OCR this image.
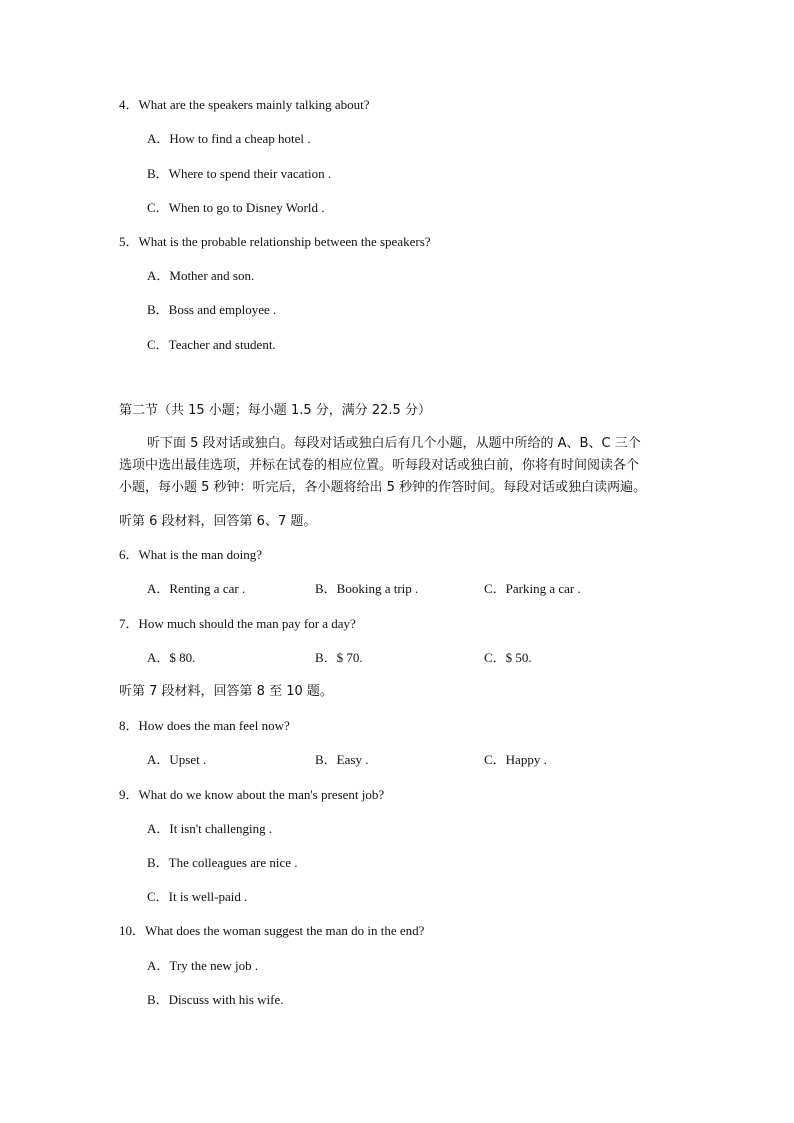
4．What are the speakers mainly talking about?
A．How to find a cheap hotel .
B．Where to spend their vacation .
C．When to go to Disney World .
5．What is the probable relationship between the speakers?
A．Mother and son.
B．Boss and employee .
C．Teacher and student.
第二节（共 15 小题；每小题 1.5 分，满分 22.5 分）
听下面 5 段对话或独白。每段对话或独白后有几个小题，从题中所给的 A、B、C 三个
选项中选出最佳选项，并标在试卷的相应位置。听每段对话或独白前，你将有时间阅读各个
小题，每小题 5 秒钟：听完后，各小题将给出 5 秒钟的作答时间。每段对话或独白读两遍。
听第 6 段材料，回答第 6、7 题。
6．What is the man doing?
A．Renting a car .	B．Booking a trip .	C．Parking a car .
7．How much should the man pay for a day?
A．$ 80.	B．$ 70.	C．$ 50.
听第 7 段材料，回答第 8 至 10 题。
8．How does the man feel now?
A．Upset .	B．Easy .	C．Happy .
9．What do we know about the man's present job?
A．It isn't challenging .
B．The colleagues are nice .
C．It is well-paid .
10．What does the woman suggest the man do in the end?
A．Try the new job .
B．Discuss with his wife.
